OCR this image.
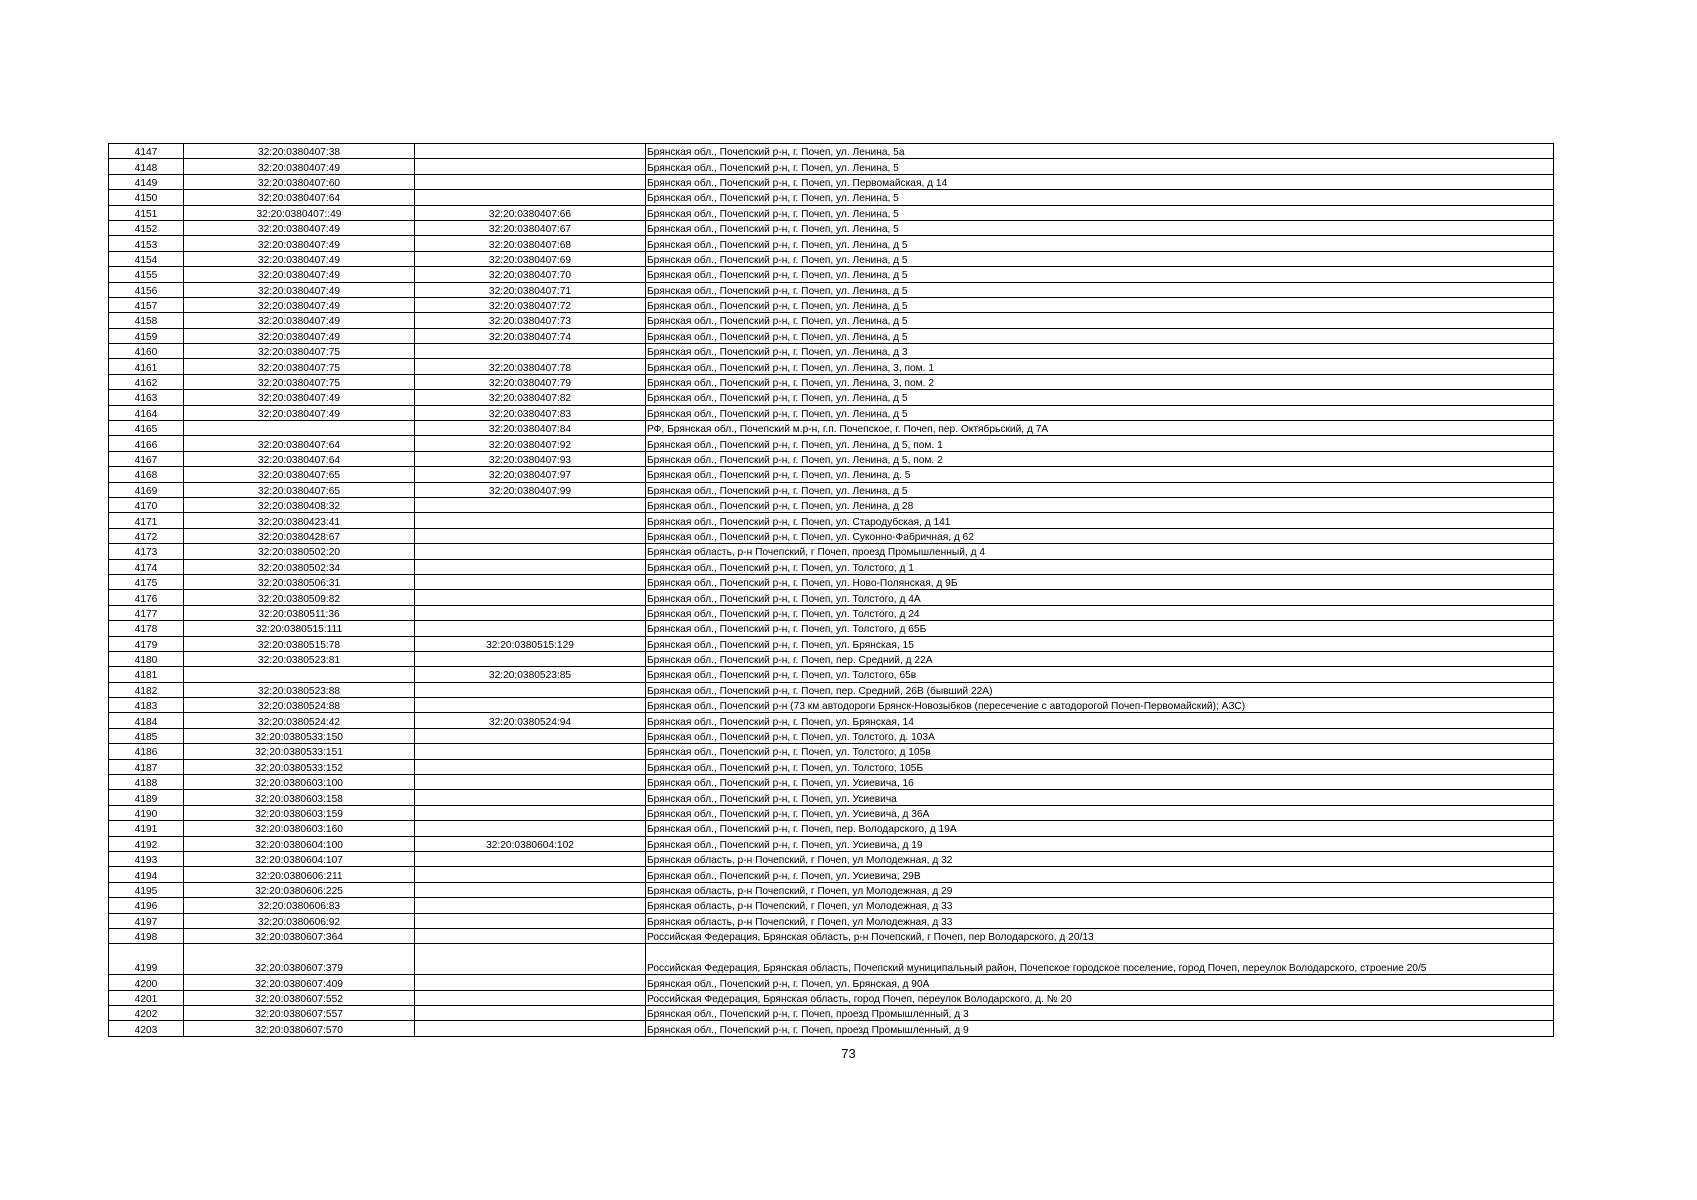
4147	32:20:0380407:38		Брянская обл., Почепский р-н, г. Почеп, ул. Ленина, 5а
4148	32:20:0380407:49		Брянская обл., Почепский р-н, г. Почеп, ул. Ленина, 5
4149	32:20:0380407:60		Брянская обл., Почепский р-н, г. Почеп, ул. Первомайская, д 14
4150	32:20:0380407:64		Брянская обл., Почепский р-н, г. Почеп, ул. Ленина, 5
4151	32:20:0380407::49	32:20:0380407:66	Брянская обл., Почепский р-н, г. Почеп, ул. Ленина, 5
4152	32:20:0380407:49	32:20:0380407:67	Брянская обл., Почепский р-н, г. Почеп, ул. Ленина, 5
4153	32:20:0380407:49	32:20:0380407:68	Брянская обл., Почепский р-н, г. Почеп, ул. Ленина, д 5
4154	32:20:0380407:49	32:20:0380407:69	Брянская обл., Почепский р-н, г. Почеп, ул. Ленина, д 5
4155	32:20:0380407:49	32:20:0380407:70	Брянская обл., Почепский р-н, г. Почеп, ул. Ленина, д 5
4156	32:20:0380407:49	32:20:0380407:71	Брянская обл., Почепский р-н, г. Почеп, ул. Ленина, д 5
4157	32:20:0380407:49	32:20:0380407:72	Брянская обл., Почепский р-н, г. Почеп, ул. Ленина, д 5
4158	32:20:0380407:49	32:20:0380407:73	Брянская обл., Почепский р-н, г. Почеп, ул. Ленина, д 5
4159	32:20:0380407:49	32:20:0380407:74	Брянская обл., Почепский р-н, г. Почеп, ул. Ленина, д 5
4160	32:20:0380407:75		Брянская обл., Почепский р-н, г. Почеп, ул. Ленина, д 3
4161	32:20:0380407:75	32:20:0380407:78	Брянская обл., Почепский р-н, г. Почеп, ул. Ленина, 3, пом. 1
4162	32:20:0380407:75	32:20:0380407:79	Брянская обл., Почепский р-н, г. Почеп, ул. Ленина, 3, пом. 2
4163	32:20:0380407:49	32:20:0380407:82	Брянская обл., Почепский р-н, г. Почеп, ул. Ленина, д 5
4164	32:20:0380407:49	32:20:0380407:83	Брянская обл., Почепский р-н, г. Почеп, ул. Ленина, д 5
4165		32:20:0380407:84	РФ, Брянская обл., Почепский м.р-н, г.п. Почепское, г. Почеп, пер. Октябрьский, д 7А
4166	32:20:0380407:64	32:20:0380407:92	Брянская обл., Почепский р-н, г. Почеп, ул. Ленина, д 5, пом. 1
4167	32:20:0380407:64	32:20:0380407:93	Брянская обл., Почепский р-н, г. Почеп, ул. Ленина, д 5, пом. 2
4168	32:20:0380407:65	32:20:0380407:97	Брянская обл., Почепский р-н, г. Почеп, ул. Ленина, д. 5
4169	32:20:0380407:65	32:20:0380407:99	Брянская обл., Почепский р-н, г. Почеп, ул. Ленина, д 5
4170	32:20:0380408:32		Брянская обл., Почепский р-н, г. Почеп, ул. Ленина, д 28
4171	32:20:0380423:41		Брянская обл., Почепский р-н, г. Почеп, ул. Стародубская, д 141
4172	32:20:0380428:67		Брянская обл., Почепский р-н, г. Почеп, ул. Суконно-Фабричная, д 62
4173	32:20:0380502:20		Брянская область, р-н Почепский, г Почеп, проезд Промышленный, д 4
4174	32:20:0380502:34		Брянская обл., Почепский р-н, г. Почеп, ул. Толстого, д 1
4175	32:20:0380506:31		Брянская обл., Почепский р-н, г. Почеп, ул. Ново-Полянская, д 9Б
4176	32:20:0380509:82		Брянская обл., Почепский р-н, г. Почеп, ул. Толстого, д 4А
4177	32:20:0380511:36		Брянская обл., Почепский р-н, г. Почеп, ул. Толстого, д 24
4178	32:20:0380515:111		Брянская обл., Почепский р-н, г. Почеп, ул. Толстого, д 65Б
4179	32:20:0380515:78	32:20:0380515:129	Брянская обл., Почепский р-н, г. Почеп, ул. Брянская, 15
4180	32:20:0380523:81		Брянская обл., Почепский р-н, г. Почеп, пер. Средний, д 22А
4181		32:20:0380523:85	Брянская обл., Почепский р-н, г. Почеп, ул. Толстого, 65в
4182	32:20:0380523:88		Брянская обл., Почепский р-н, г. Почеп, пер. Средний, 26В (бывший 22А)
4183	32:20:0380524:88		Брянская обл., Почепский р-н (73 км автодороги Брянск-Новозыбков (пересечение с автодорогой Почеп-Первомайский); АЗС)
4184	32:20:0380524:42	32:20:0380524:94	Брянская обл., Почепский р-н, г. Почеп, ул. Брянская, 14
4185	32:20:0380533:150		Брянская обл., Почепский р-н, г. Почеп, ул. Толстого, д. 103А
4186	32:20:0380533:151		Брянская обл., Почепский р-н, г. Почеп, ул. Толстого, д 105в
4187	32:20:0380533:152		Брянская обл., Почепский р-н, г. Почеп, ул. Толстого, 105Б
4188	32:20:0380603:100		Брянская обл., Почепский р-н, г. Почеп, ул. Усиевича, 16
4189	32:20:0380603:158		Брянская обл., Почепский р-н, г. Почеп, ул. Усиевича
4190	32:20:0380603:159		Брянская обл., Почепский р-н, г. Почеп, ул. Усиевича, д 36А
4191	32:20:0380603:160		Брянская обл., Почепский р-н, г. Почеп, пер. Володарского, д 19А
4192	32:20:0380604:100	32:20:0380604:102	Брянская обл., Почепский р-н, г. Почеп, ул. Усиевича, д 19
4193	32:20:0380604:107		Брянская область, р-н Почепский, г Почеп, ул Молодежная, д 32
4194	32:20:0380606:211		Брянская обл., Почепский р-н, г. Почеп, ул. Усиевича, 29В
4195	32:20:0380606:225		Брянская область, р-н Почепский, г Почеп, ул Молодежная, д 29
4196	32:20:0380606:83		Брянская область, р-н Почепский, г Почеп, ул Молодежная, д 33
4197	32:20:0380606:92		Брянская область, р-н Почепский, г Почеп, ул Молодежная, д 33
4198	32:20:0380607:364		Российская Федерация, Брянская область, р-н Почепский, г Почеп, пер Володарского, д 20/13
4199	32:20:0380607:379		Российская Федерация, Брянская область, Почепский муниципальный район, Почепское городское поселение, город Почеп, переулок Володарского, строение 20/5
4200	32:20:0380607:409		Брянская обл., Почепский р-н, г. Почеп, ул. Брянская, д 90А
4201	32:20:0380607:552		Российская Федерация, Брянская область, город Почеп, переулок Володарского, д. № 20
4202	32:20:0380607:557		Брянская обл., Почепский р-н, г. Почеп, проезд Промышленный, д 3
4203	32:20:0380607:570		Брянская обл., Почепский р-н, г. Почеп, проезд Промышленный, д 9
73
